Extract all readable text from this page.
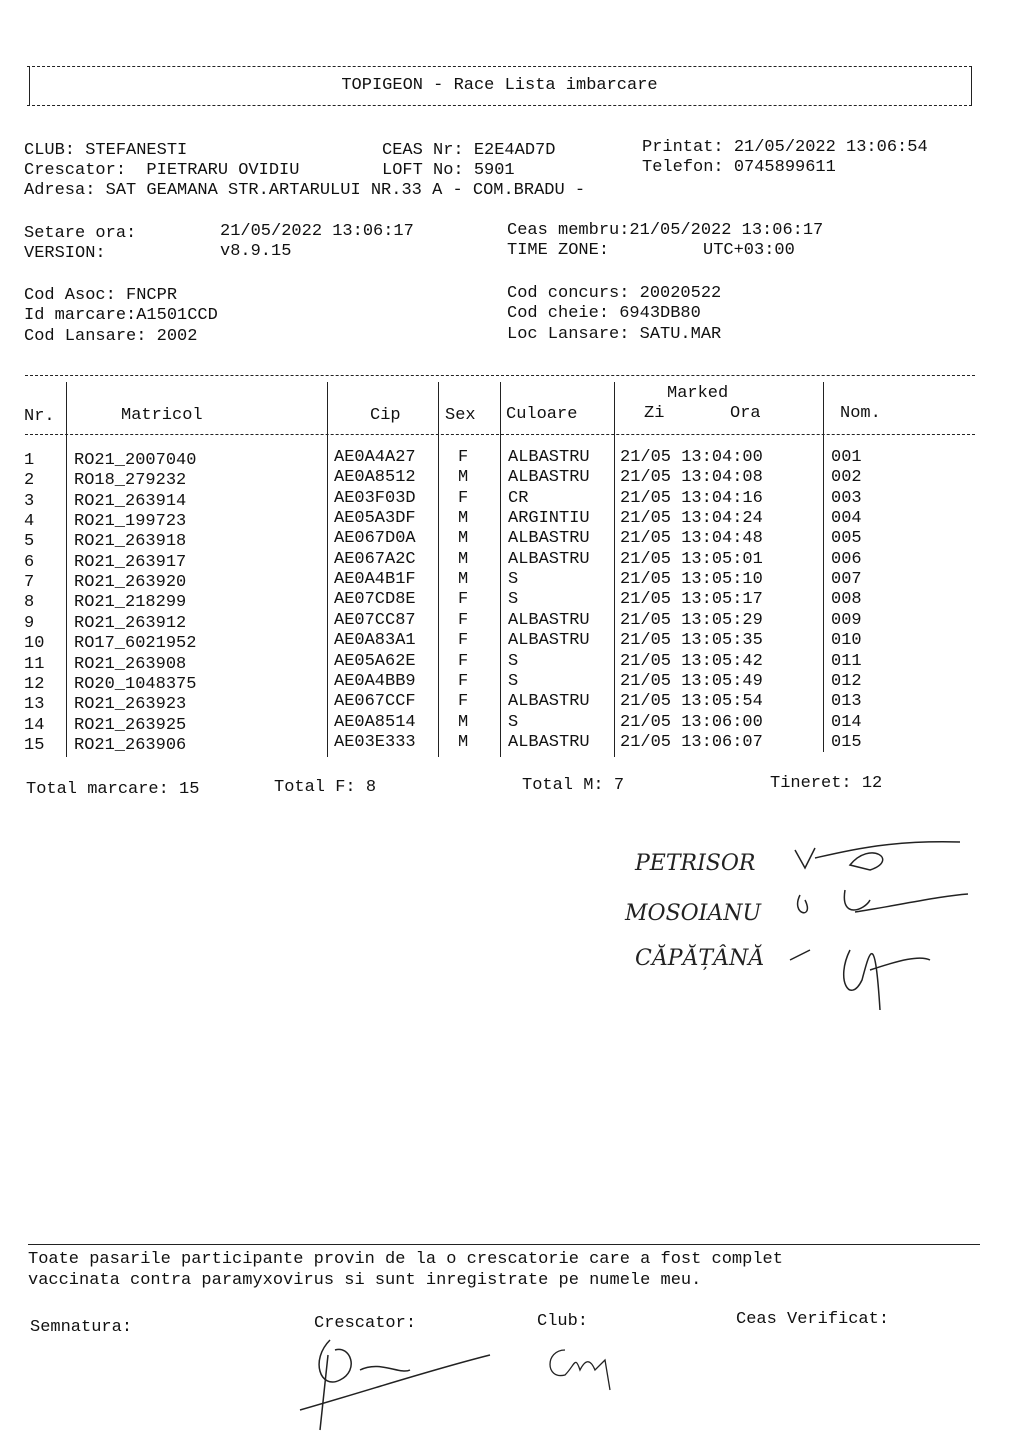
TOPIGEON - Race Lista imbarcare
CLUB: STEFANESTI	CEAS Nr: E2E4AD7D	Printat: 21/05/2022 13:06:54
Crescator:  PIETRARU OVIDIU	LOFT No: 5901	Telefon: 0745899611
Adresa: SAT GEAMANA STR.ARTARULUI NR.33 A - COM.BRADU -
Setare ora:	21/05/2022 13:06:17
VERSION:	v8.9.15
Ceas membru:21/05/2022 13:06:17
TIME ZONE:	UTC+03:00
Cod Asoc: FNCPR
Id marcare:A1501CCD
Cod Lansare: 2002
Cod concurs: 20020522
Cod cheie: 6943DB80
Loc Lansare: SATU.MAR
Nr.	Matricol	Cip	Sex Culoare
Marked
Zi	Ora	Nom.
1 RO21_2007040	AE0A4A27 F ALBASTRU 21/05 13:04:00	001
2 RO18_279232	AE0A8512 M ALBASTRU 21/05 13:04:08	002
3 RO21_263914	AE03F03D F CR	21/05 13:04:16	003
4 RO21_199723	AE05A3DF M ARGINTIU 21/05 13:04:24	004
5 RO21_263918	AE067D0A M ALBASTRU 21/05 13:04:48	005
6 RO21_263917	AE067A2C M ALBASTRU 21/05 13:05:01	006
7 RO21_263920	AE0A4B1F M S	21/05 13:05:10	007
8 RO21_218299	AE07CD8E F S	21/05 13:05:17	008
9 RO21_263912	AE07CC87 F ALBASTRU 21/05 13:05:29	009
10 RO17_6021952	AE0A83A1 F ALBASTRU 21/05 13:05:35	010
11 RO21_263908	AE05A62E F S	21/05 13:05:42	011
12 RO20_1048375	AE0A4BB9 F S	21/05 13:05:49	012
13 RO21_263923	AE067CCF F ALBASTRU 21/05 13:05:54	013
14 RO21_263925	AE0A8514 M S	21/05 13:06:00	014
15 RO21_263906	AE03E333 M ALBASTRU 21/05 13:06:07	015
Total marcare: 15	Total F: 8	Total M: 7	Tineret: 12
PETRISOR
MOSOIANU
CĂPĂȚÂNĂ
Toate pasarile participante provin de la o crescatorie care a fost complet
vaccinata contra paramyxovirus si sunt inregistrate pe numele meu.
Semnatura:	Crescator:	Club:	Ceas Verificat:
